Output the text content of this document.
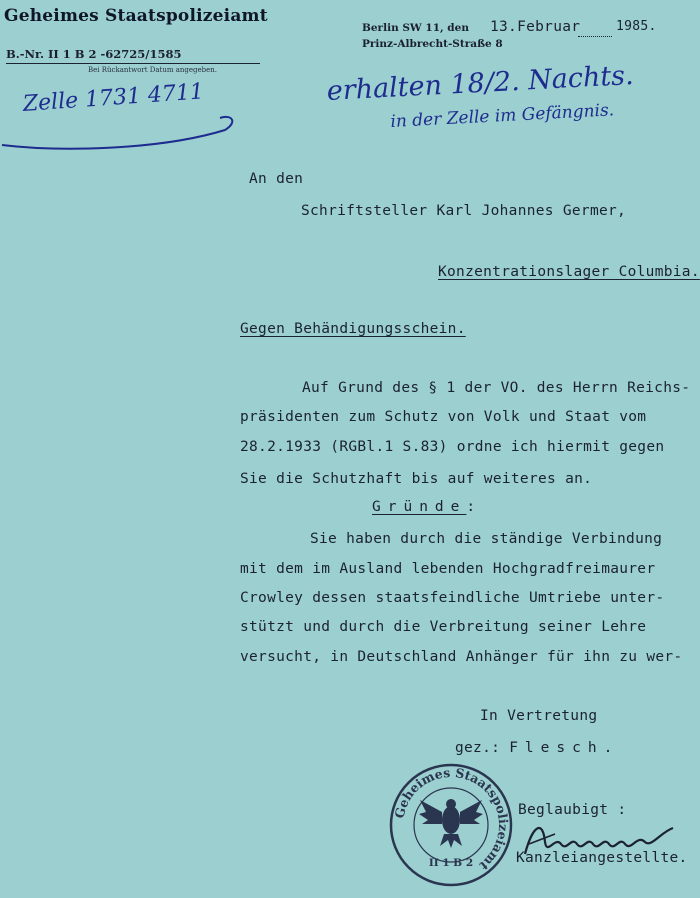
Geheimes Staatspolizeiamt
B.-Nr. II 1 B 2 -62725/1585
Bei Rückantwort Datum angegeben.
Berlin SW 11, den 13.Februar	1985.
Prinz-Albrecht-Straße 8
Zelle 1731 4711	erhalten 18/2. Nachts.
in der Zelle im Gefängnis.
An den
Schriftsteller Karl Johannes Germer,
Konzentrationslager Columbia.
Gegen Behändigungsschein.
Auf Grund des § 1 der VO. des Herrn Reichs-
präsidenten zum Schutz von Volk und Staat vom
28.2.1933 (RGBl.1 S.83) ordne ich hiermit gegen
Sie die Schutzhaft bis auf weiteres an.
Gründe:
Sie haben durch die ständige Verbindung
mit dem im Ausland lebenden Hochgradfreimaurer
Crowley dessen staatsfeindliche Umtriebe unter-
stützt und durch die Verbreitung seiner Lehre
versucht, in Deutschland Anhänger für ihn zu wer-
In Vertretung
gez.: Flesch.
Geheimes Staatspolizeiamt
II 1 B 2
Beglaubigt :
Kanzleiangestellte.
